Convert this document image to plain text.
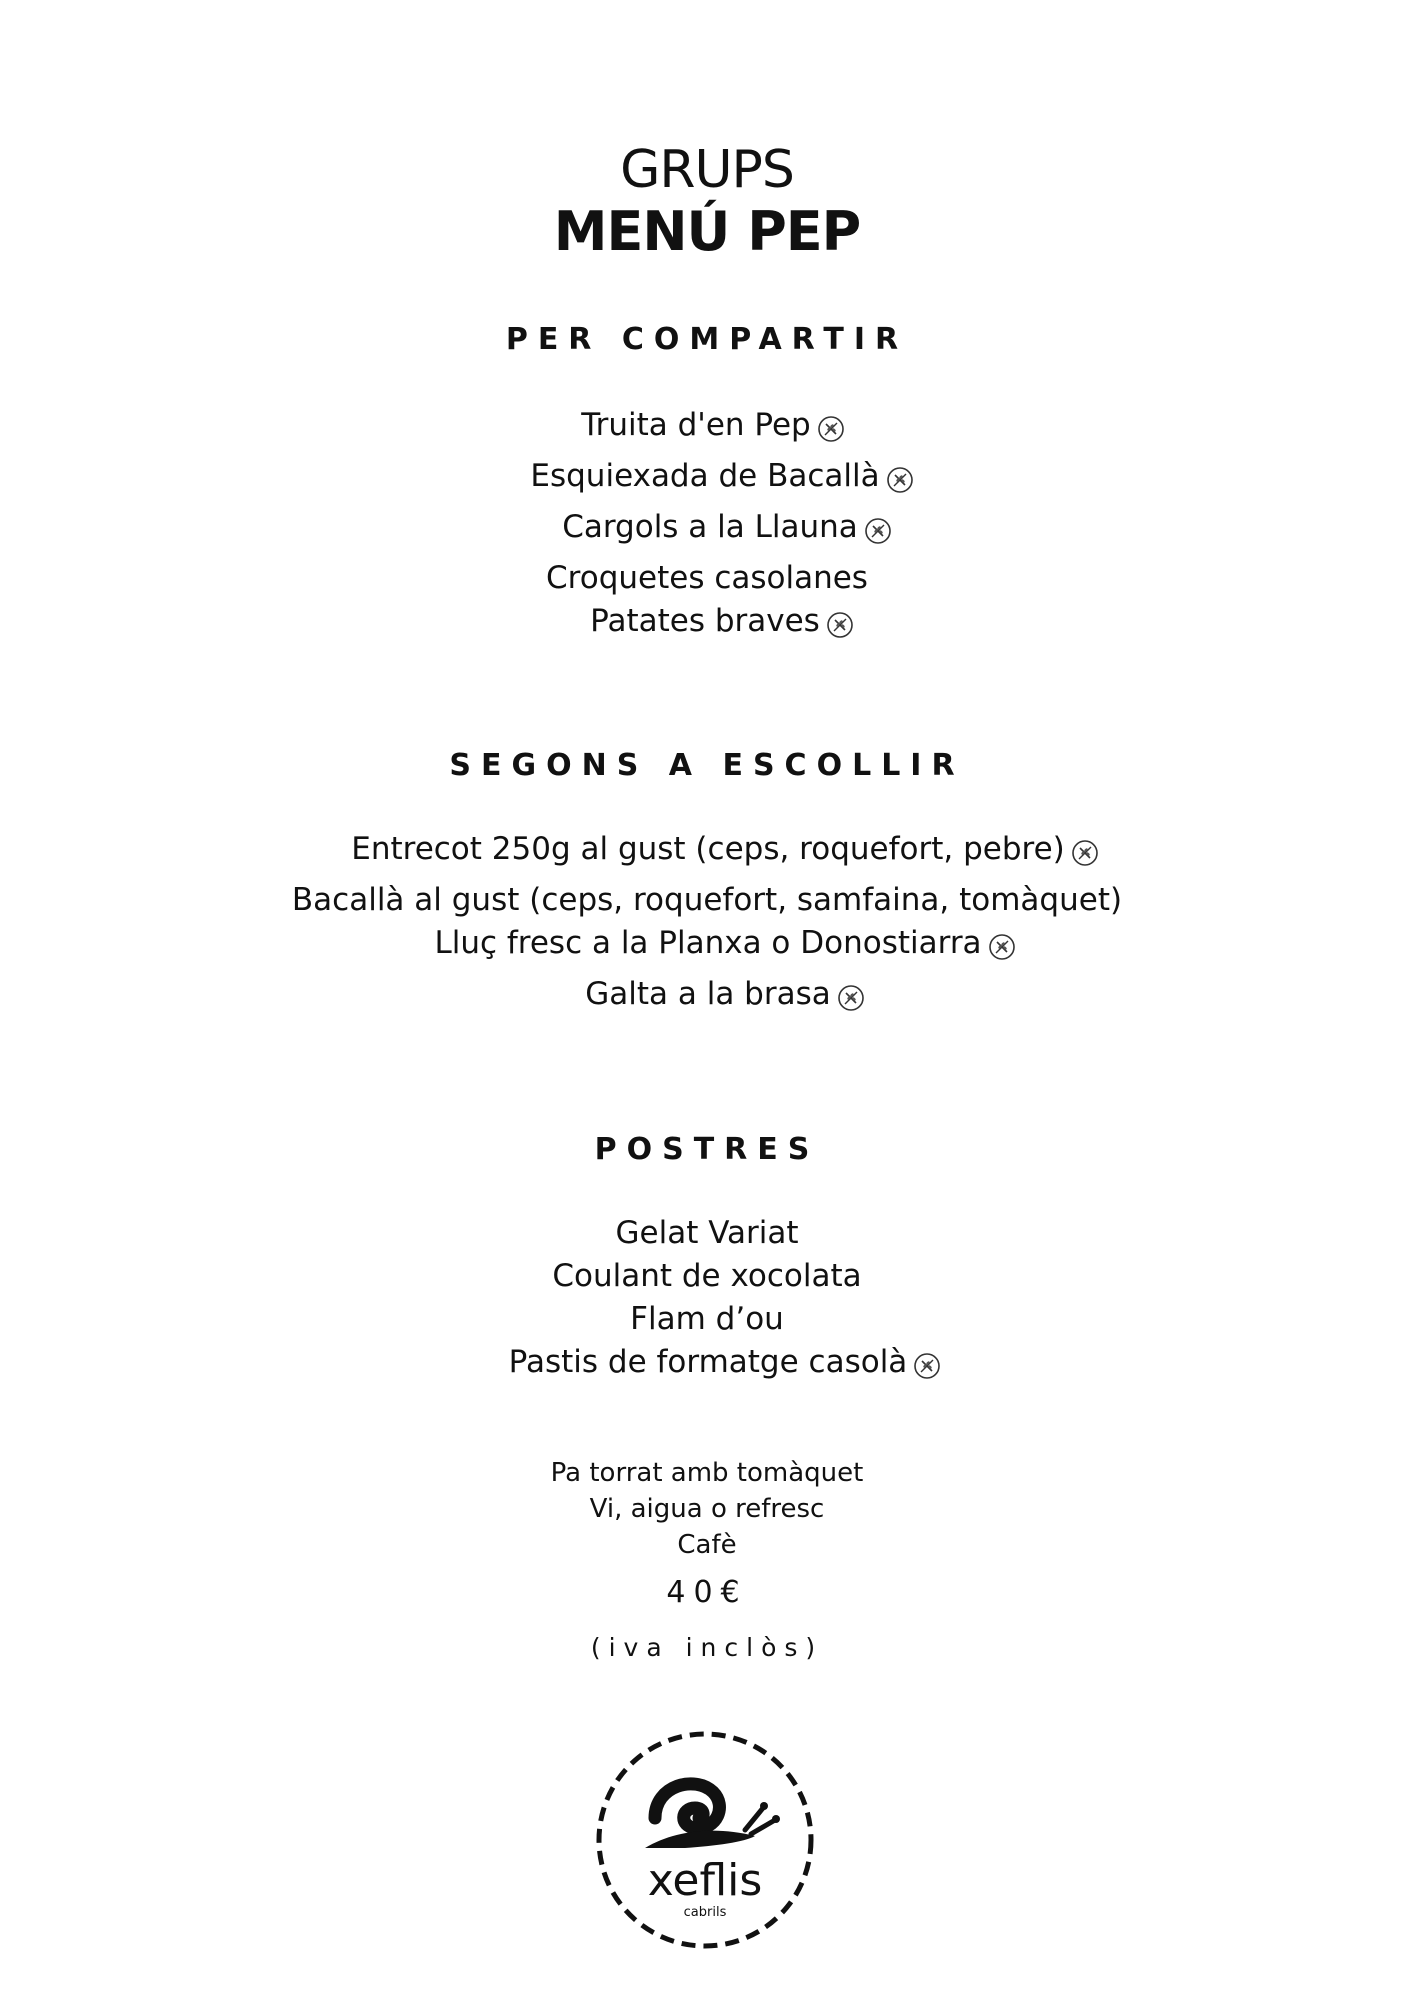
GRUPS
MENÚ PEP
PER COMPARTIR
Truita d'en Pep
Esquiexada de Bacallà
Cargols a la Llauna
Croquetes casolanes
Patates braves
SEGONS A ESCOLLIR
Entrecot 250g al gust (ceps, roquefort, pebre)
Bacallà al gust (ceps, roquefort, samfaina, tomàquet)
Lluç fresc a la Planxa o Donostiarra
Galta a la brasa
POSTRES
Gelat Variat
Coulant de xocolata
Flam d’ou
Pastis de formatge casolà
Pa torrat amb tomàquet
Vi, aigua o refresc
Cafè
40€
(iva inclòs)
xeflis
cabrils
